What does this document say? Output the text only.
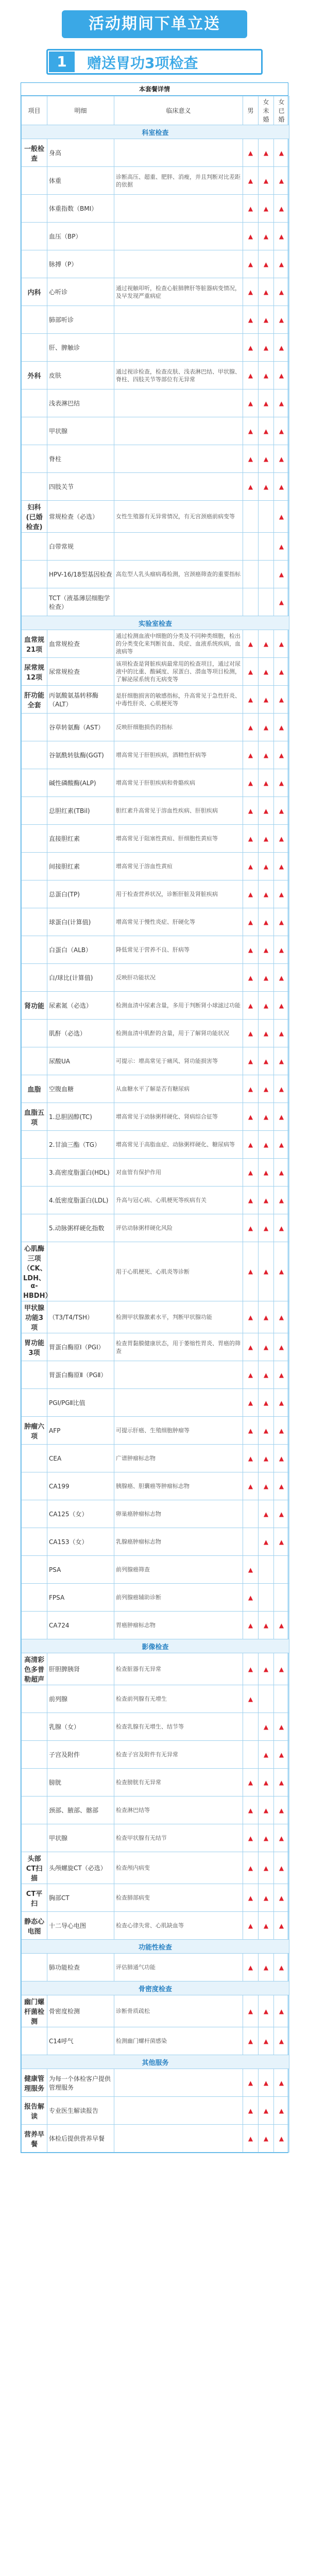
活动期间下单立送
赠送胃功3项检查
1
本套餐详情
项目	明细	临床意义	男	女未婚	女已婚
科室检查					
一般检查	身高		▲	▲	▲
	体重	诊断高压、超重、肥胖、消瘦，并且判断对比差距的依据	▲	▲	▲
	体重指数（BMI）		▲	▲	▲
	血压（BP）		▲	▲	▲
	脉搏（P）		▲	▲	▲
内科	心听诊	通过视触叩听，检查心脏肺脾肝等脏器病变情况，及早发现严重病症	▲	▲	▲
	肺部听诊		▲	▲	▲
	肝、脾触诊		▲	▲	▲
外科	皮肤	通过视诊检查，检查皮肤、浅表淋巴结、甲状腺、脊柱、四肢关节等部位有无异常	▲	▲	▲
	浅表淋巴结		▲	▲	▲
	甲状腺		▲	▲	▲
	脊柱		▲	▲	▲
	四肢关节		▲	▲	▲
妇科(已婚检查)	常规检查（必选）	女性生殖器有无异常情况，有无宫颈癌前病变等			▲
	白带常规				▲
	HPV-16/18型基因检查	高危型人乳头瘤病毒检测，宫颈癌筛查的重要指标			▲
	TCT（液基薄层细胞学检查）				▲
实验室检查					
血常规21项	血常规检查	通过检测血液中细胞的分类及不同种类细胞，检出的分类变化来判断贫血、炎症、血液系统疾病，血液病等	▲	▲	▲
尿常规12项	尿常规检查	该项检查是肾脏疾病最常用的检查项目，通过对尿液中的比重、酸碱度、尿蛋白、潜血等项目检测，了解泌尿系统有无病变等	▲	▲	▲
肝功能全套	丙氨酸氨基转移酶（ALT）	是肝细胞损害的敏感指标，升高常见于急性肝炎、中毒性肝炎、心肌梗死等	▲	▲	▲
	谷草转氨酶（AST）	反映肝细胞损伤的指标	▲	▲	▲
	谷氨酰转肽酶(GGT)	增高常见于肝胆疾病，酒精性肝病等	▲	▲	▲
	碱性磷酸酶(ALP)	增高常见于肝胆疾病和骨骼疾病	▲	▲	▲
	总胆红素(TBil)	胆红素升高常见于溶血性疾病、肝胆疾病	▲	▲	▲
	直接胆红素	增高常见于阻塞性黄疸、肝细胞性黄疸等	▲	▲	▲
	间接胆红素	增高常见于溶血性黄疸	▲	▲	▲
	总蛋白(TP)	用于检查营养状况，诊断肝脏及肾脏疾病	▲	▲	▲
	球蛋白(计算值)	增高常见于慢性炎症、肝硬化等	▲	▲	▲
	白蛋白（ALB）	降低常见于营养不良、肝病等	▲	▲	▲
	白/球比(计算值)	反映肝功能状况	▲	▲	▲
肾功能	尿素氮（必选）	检测血清中尿素含量，多用于判断肾小球滤过功能	▲	▲	▲
	肌酐（必选）	检测血清中肌酐的含量，用于了解肾功能状况	▲	▲	▲
	尿酸UA	可提示：增高常见于痛风、肾功能损害等	▲	▲	▲
血脂	空腹血糖	从血糖水平了解是否有糖尿病	▲	▲	▲
血脂五项	1.总胆固醇(TC)	增高常见于动脉粥样硬化、肾病综合征等	▲	▲	▲
	2.甘油三酯（TG）	增高常见于高脂血症、动脉粥样硬化、糖尿病等	▲	▲	▲
	3.高密度脂蛋白(HDL)	对血管有保护作用	▲	▲	▲
	4.低密度脂蛋白(LDL)	升高与冠心病、心肌梗死等疾病有关	▲	▲	▲
	5.动脉粥样硬化指数	评估动脉粥样硬化风险	▲	▲	▲
心肌酶三项（CK、LDH、α-HBDH）		用于心肌梗死、心肌炎等诊断	▲	▲	▲
甲状腺功能3项	（T3/T4/TSH）	检测甲状腺激素水平，判断甲状腺功能	▲	▲	▲
胃功能3项	胃蛋白酶原Ⅰ（PGⅠ）	检查胃黏膜健康状态，用于萎缩性胃炎、胃癌的筛查	▲	▲	▲
	胃蛋白酶原Ⅱ（PGⅡ）		▲	▲	▲
	PGⅠ/PGⅡ比值		▲	▲	▲
肿瘤六项	AFP	可提示肝癌、生殖细胞肿瘤等	▲	▲	▲
	CEA	广谱肿瘤标志物	▲	▲	▲
	CA199	胰腺癌、胆囊癌等肿瘤标志物	▲	▲	▲
	CA125（女）	卵巢癌肿瘤标志物		▲	▲
	CA153（女）	乳腺癌肿瘤标志物		▲	▲
	PSA	前列腺癌筛查	▲		
	FPSA	前列腺癌辅助诊断	▲		
	CA724	胃癌肿瘤标志物	▲	▲	▲
影像检查					
高清彩色多普勒超声	肝胆脾胰肾	检查脏器有无异常	▲	▲	▲
	前列腺	检查前列腺有无增生	▲		
	乳腺（女）	检查乳腺有无增生、结节等		▲	▲
	子宫及附件	检查子宫及附件有无异常		▲	▲
	膀胱	检查膀胱有无异常	▲	▲	▲
	颈部、腋部、髂部	检查淋巴结等	▲	▲	▲
	甲状腺	检查甲状腺有无结节	▲	▲	▲
头部CT扫描	头颅螺旋CT（必选）	检查颅内病变	▲	▲	▲
CT平扫	胸部CT	检查肺部病变	▲	▲	▲
静态心电图	十二导心电图	检查心律失常、心肌缺血等	▲	▲	▲
功能性检查					
	肺功能检查	评估肺通气功能	▲	▲	▲
骨密度检查					
幽门螺杆菌检测	骨密度检测	诊断骨质疏松	▲	▲	▲
	C14呼气	检测幽门螺杆菌感染	▲	▲	▲
其他服务					
健康管理服务	为每一个体检客户提供管理服务		▲	▲	▲
报告解读	专业医生解读报告		▲	▲	▲
营养早餐	体检后提供营养早餐		▲	▲	▲
